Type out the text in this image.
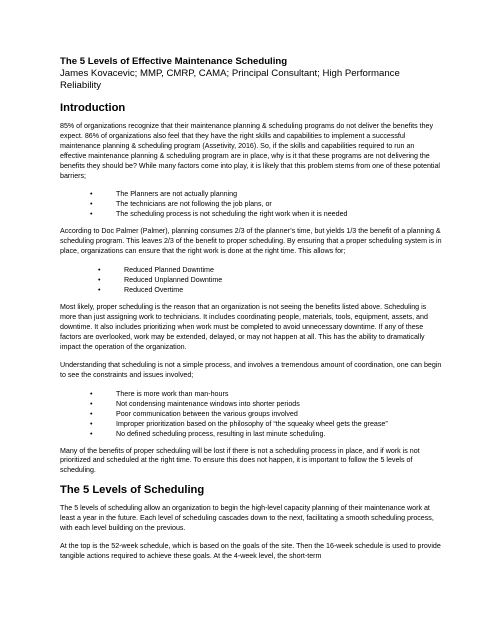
The 5 Levels of Effective Maintenance Scheduling
James Kovacevic; MMP, CMRP, CAMA; Principal Consultant; High Performance Reliability
Introduction

85% of organizations recognize that their maintenance planning & scheduling programs do not deliver the benefits they expect. 86% of organizations also feel that they have the right skills and capabilities to implement a successful maintenance planning & scheduling program (Assetivity, 2016). So, if the skills and capabilities required to run an effective maintenance planning & scheduling program are in place, why is it that these programs are not delivering the benefits they should be? While many factors come into play, it is likely that this problem stems from one of these potential barriers;

• The Planners are not actually planning
• The technicians are not following the job plans, or
• The scheduling process is not scheduling the right work when it is needed

According to Doc Palmer (Palmer), planning consumes 2/3 of the planner’s time, but yields 1/3 the benefit of a planning & scheduling program. This leaves 2/3 of the benefit to proper scheduling. By ensuring that a proper scheduling system is in place, organizations can ensure that the right work is done at the right time. This allows for;

• Reduced Planned Downtime
• Reduced Unplanned Downtime
• Reduced Overtime

Most likely, proper scheduling is the reason that an organization is not seeing the benefits listed above. Scheduling is more than just assigning work to technicians. It includes coordinating people, materials, tools, equipment, assets, and downtime. It also includes prioritizing when work must be completed to avoid unnecessary downtime. If any of these factors are overlooked, work may be extended, delayed, or may not happen at all. This has the ability to dramatically impact the operation of the organization.

Understanding that scheduling is not a simple process, and involves a tremendous amount of coordination, one can begin to see the constraints and issues involved;

• There is more work than man-hours
• Not condensing maintenance windows into shorter periods
• Poor communication between the various groups involved
• Improper prioritization based on the philosophy of “the squeaky wheel gets the grease”
• No defined scheduling process, resulting in last minute scheduling.

Many of the benefits of proper scheduling will be lost if there is not a scheduling process in place, and if work is not prioritized and scheduled at the right time. To ensure this does not happen, it is important to follow the 5 levels of scheduling.

The 5 Levels of Scheduling

The 5 levels of scheduling allow an organization to begin the high-level capacity planning of their maintenance work at least a year in the future. Each level of scheduling cascades down to the next, facilitating a smooth scheduling process, with each level building on the previous.

At the top is the 52-week schedule, which is based on the goals of the site. Then the 16-week schedule is used to provide tangible actions required to achieve these goals. At the 4-week level, the short-term
